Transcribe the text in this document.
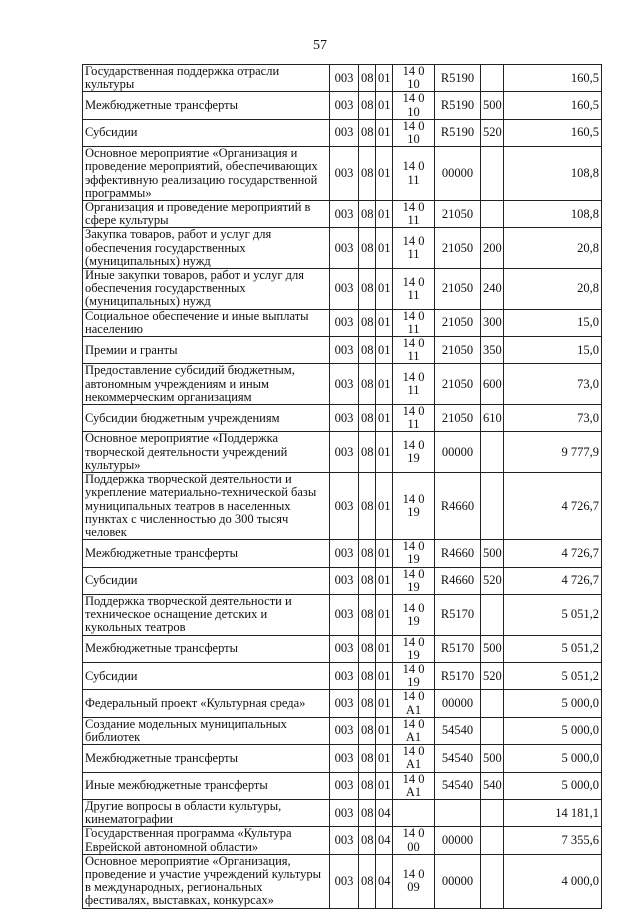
57
Государственная поддержка отрасли культуры	003	08	01	14 0 10	R5190		160,5
Межбюджетные трансферты	003	08	01	14 0 10	R5190	500	160,5
Субсидии	003	08	01	14 0 10	R5190	520	160,5
Основное мероприятие «Организация и проведение мероприятий, обеспечивающих эффективную реализацию государственной программы»	003	08	01	14 0 11	00000		108,8
Организация и проведение мероприятий в сфере культуры	003	08	01	14 0 11	21050		108,8
Закупка товаров, работ и услуг для обеспечения государственных (муниципальных) нужд	003	08	01	14 0 11	21050	200	20,8
Иные закупки товаров, работ и услуг для обеспечения государственных (муниципальных) нужд	003	08	01	14 0 11	21050	240	20,8
Социальное обеспечение и иные выплаты населению	003	08	01	14 0 11	21050	300	15,0
Премии и гранты	003	08	01	14 0 11	21050	350	15,0
Предоставление субсидий бюджетным, автономным учреждениям и иным некоммерческим организациям	003	08	01	14 0 11	21050	600	73,0
Субсидии бюджетным учреждениям	003	08	01	14 0 11	21050	610	73,0
Основное мероприятие «Поддержка творческой деятельности учреждений культуры»	003	08	01	14 0 19	00000		9 777,9
Поддержка творческой деятельности и укрепление материально-технической базы муниципальных театров в населенных пунктах с численностью до 300 тысяч человек	003	08	01	14 0 19	R4660		4 726,7
Межбюджетные трансферты	003	08	01	14 0 19	R4660	500	4 726,7
Субсидии	003	08	01	14 0 19	R4660	520	4 726,7
Поддержка творческой деятельности и техническое оснащение детских и кукольных театров	003	08	01	14 0 19	R5170		5 051,2
Межбюджетные трансферты	003	08	01	14 0 19	R5170	500	5 051,2
Субсидии	003	08	01	14 0 19	R5170	520	5 051,2
Федеральный проект «Культурная среда»	003	08	01	14 0 A1	00000		5 000,0
Создание модельных муниципальных библиотек	003	08	01	14 0 A1	54540		5 000,0
Межбюджетные трансферты	003	08	01	14 0 A1	54540	500	5 000,0
Иные межбюджетные трансферты	003	08	01	14 0 A1	54540	540	5 000,0
Другие вопросы в области культуры, кинематографии	003	08	04				14 181,1
Государственная программа «Культура Еврейской автономной области»	003	08	04	14 0 00	00000		7 355,6
Основное мероприятие «Организация, проведение и участие учреждений культуры в международных, региональных фестивалях, выставках, конкурсах»	003	08	04	14 0 09	00000		4 000,0
